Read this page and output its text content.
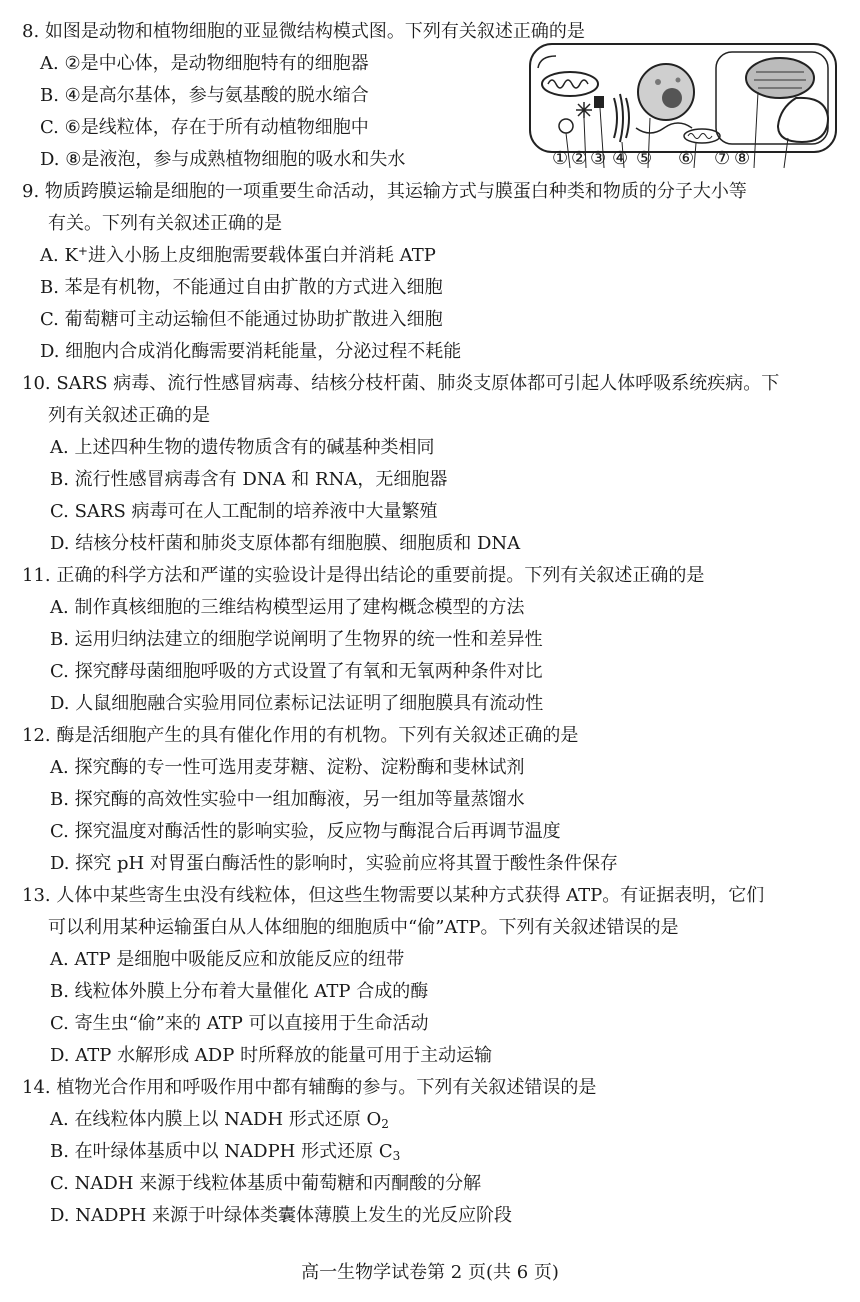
8. 如图是动物和植物细胞的亚显微结构模式图。下列有关叙述正确的是
A. ②是中心体，是动物细胞特有的细胞器
B. ④是高尔基体，参与氨基酸的脱水缩合
C. ⑥是线粒体，存在于所有动植物细胞中
D. ⑧是液泡，参与成熟植物细胞的吸水和失水	① ② ③ ④ ⑤ ⑥ ⑦ ⑧
9. 物质跨膜运输是细胞的一项重要生命活动，其运输方式与膜蛋白种类和物质的分子大小等
有关。下列有关叙述正确的是
A. K+进入小肠上皮细胞需要载体蛋白并消耗 ATP
B. 苯是有机物，不能通过自由扩散的方式进入细胞
C. 葡萄糖可主动运输但不能通过协助扩散进入细胞
D. 细胞内合成消化酶需要消耗能量，分泌过程不耗能
10. SARS 病毒、流行性感冒病毒、结核分枝杆菌、肺炎支原体都可引起人体呼吸系统疾病。下
列有关叙述正确的是
A. 上述四种生物的遗传物质含有的碱基种类相同
B. 流行性感冒病毒含有 DNA 和 RNA，无细胞器
C. SARS 病毒可在人工配制的培养液中大量繁殖
D. 结核分枝杆菌和肺炎支原体都有细胞膜、细胞质和 DNA
11. 正确的科学方法和严谨的实验设计是得出结论的重要前提。下列有关叙述正确的是
A. 制作真核细胞的三维结构模型运用了建构概念模型的方法
B. 运用归纳法建立的细胞学说阐明了生物界的统一性和差异性
C. 探究酵母菌细胞呼吸的方式设置了有氧和无氧两种条件对比
D. 人鼠细胞融合实验用同位素标记法证明了细胞膜具有流动性
12. 酶是活细胞产生的具有催化作用的有机物。下列有关叙述正确的是
A. 探究酶的专一性可选用麦芽糖、淀粉、淀粉酶和斐林试剂
B. 探究酶的高效性实验中一组加酶液，另一组加等量蒸馏水
C. 探究温度对酶活性的影响实验，反应物与酶混合后再调节温度
D. 探究 pH 对胃蛋白酶活性的影响时，实验前应将其置于酸性条件保存
13. 人体中某些寄生虫没有线粒体，但这些生物需要以某种方式获得 ATP。有证据表明，它们
可以利用某种运输蛋白从人体细胞的细胞质中“偷”ATP。下列有关叙述错误的是
A. ATP 是细胞中吸能反应和放能反应的纽带
B. 线粒体外膜上分布着大量催化 ATP 合成的酶
C. 寄生虫“偷”来的 ATP 可以直接用于生命活动
D. ATP 水解形成 ADP 时所释放的能量可用于主动运输
14. 植物光合作用和呼吸作用中都有辅酶的参与。下列有关叙述错误的是
A. 在线粒体内膜上以 NADH 形式还原 $O_2$
B. 在叶绿体基质中以 NADPH 形式还原 $C_3$
C. NADH 来源于线粒体基质中葡萄糖和丙酮酸的分解
D. NADPH 来源于叶绿体类囊体薄膜上发生的光反应阶段
高一生物学试卷第 2 页(共 6 页)
